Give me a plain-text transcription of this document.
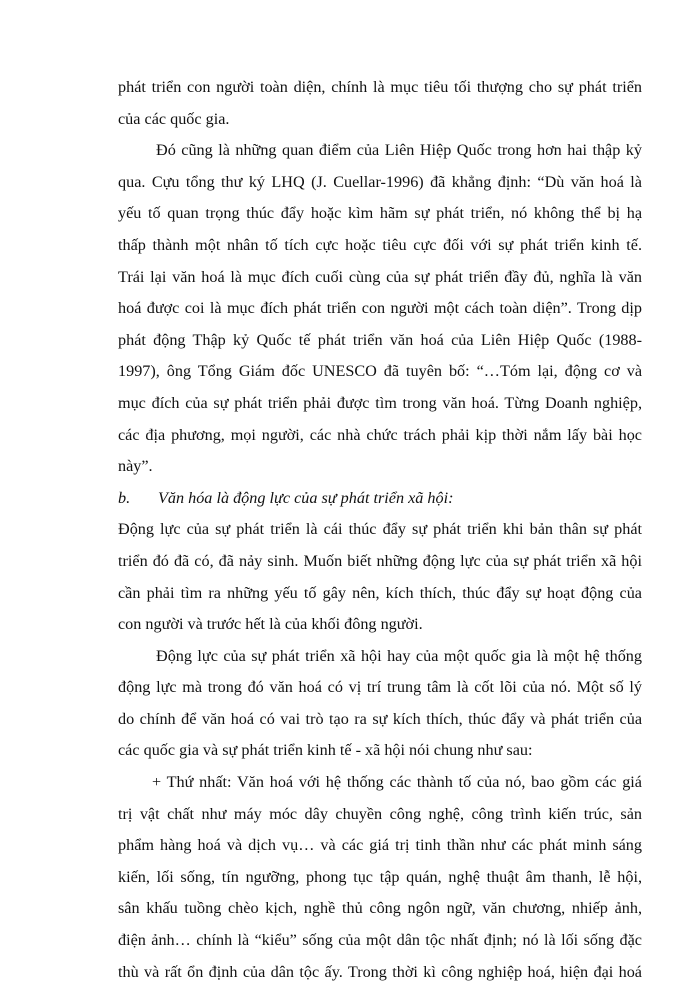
phát triển con người toàn diện, chính là mục tiêu tối thượng cho sự phát triển
của các quốc gia.
Đó cũng là những quan điểm của Liên Hiệp Quốc trong hơn hai thập kỷ
qua. Cựu tổng thư ký LHQ (J. Cuellar-1996) đã khẳng định: “Dù văn hoá là
yếu tố quan trọng thúc đẩy hoặc kìm hãm sự phát triển, nó không thể bị hạ
thấp thành một nhân tố tích cực hoặc tiêu cực đối với sự phát triển kinh tế.
Trái lại văn hoá là mục đích cuối cùng của sự phát triển đầy đủ, nghĩa là văn
hoá được coi là mục đích phát triển con người một cách toàn diện”. Trong dịp
phát động Thập kỷ Quốc tế phát triển văn hoá của Liên Hiệp Quốc (1988-
1997), ông Tổng Giám đốc UNESCO đã tuyên bố: “…Tóm lại, động cơ và
mục đích của sự phát triển phải được tìm trong văn hoá. Từng Doanh nghiệp,
các địa phương, mọi người, các nhà chức trách phải kịp thời nắm lấy bài học
này”.
b. Văn hóa là động lực của sự phát triển xã hội:
Động lực của sự phát triển là cái thúc đẩy sự phát triển khi bản thân sự phát
triển đó đã có, đã nảy sinh. Muốn biết những động lực của sự phát triển xã hội
cần phải tìm ra những yếu tố gây nên, kích thích, thúc đẩy sự hoạt động của
con người và trước hết là của khối đông người.
Động lực của sự phát triển xã hội hay của một quốc gia là một hệ thống
động lực mà trong đó văn hoá có vị trí trung tâm là cốt lõi của nó. Một số lý
do chính để văn hoá có vai trò tạo ra sự kích thích, thúc đẩy và phát triển của
các quốc gia và sự phát triển kinh tế - xã hội nói chung như sau:
+ Thứ nhất: Văn hoá với hệ thống các thành tố của nó, bao gồm các giá
trị vật chất như máy móc dây chuyền công nghệ, công trình kiến trúc, sản
phẩm hàng hoá và dịch vụ… và các giá trị tinh thần như các phát minh sáng
kiến, lối sống, tín ngưỡng, phong tục tập quán, nghệ thuật âm thanh, lễ hội,
sân khấu tuồng chèo kịch, nghề thủ công ngôn ngữ, văn chương, nhiếp ảnh,
điện ảnh… chính là “kiểu” sống của một dân tộc nhất định; nó là lối sống đặc
thù và rất ổn định của dân tộc ấy. Trong thời kì công nghiệp hoá, hiện đại hoá
